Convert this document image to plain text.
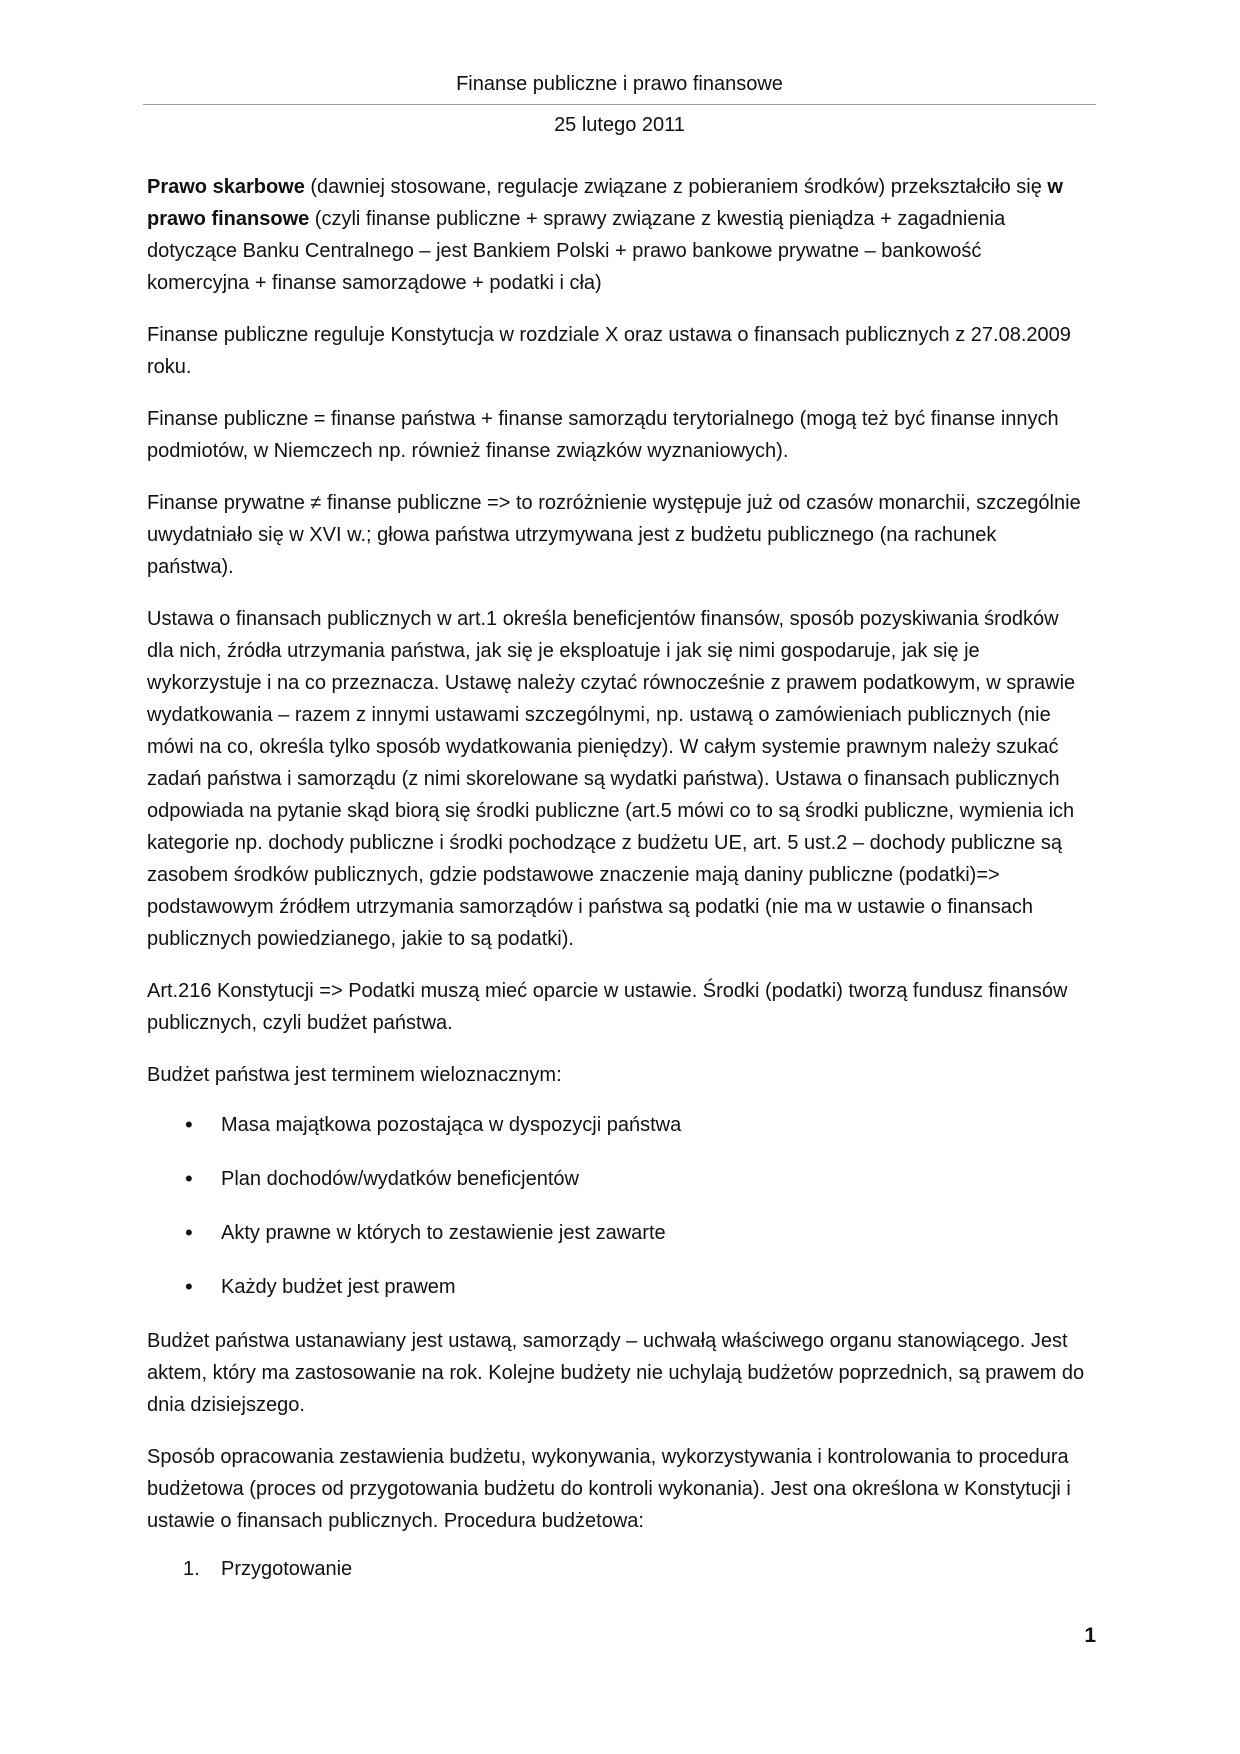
Finanse publiczne i prawo finansowe
25 lutego 2011

Prawo skarbowe (dawniej stosowane, regulacje związane z pobieraniem środków) przekształciło się w prawo finansowe (czyli finanse publiczne + sprawy związane z kwestią pieniądza + zagadnienia dotyczące Banku Centralnego – jest Bankiem Polski + prawo bankowe prywatne – bankowość komercyjna + finanse samorządowe + podatki i cła)

Finanse publiczne reguluje Konstytucja w rozdziale X oraz ustawa o finansach publicznych z 27.08.2009 roku.

Finanse publiczne = finanse państwa + finanse samorządu terytorialnego (mogą też być finanse innych podmiotów, w Niemczech np. również finanse związków wyznaniowych).

Finanse prywatne ≠ finanse publiczne => to rozróżnienie występuje już od czasów monarchii, szczególnie uwydatniało się w XVI w.; głowa państwa utrzymywana jest z budżetu publicznego (na rachunek państwa).

Ustawa o finansach publicznych w art.1 określa beneficjentów finansów, sposób pozyskiwania środków dla nich, źródła utrzymania państwa, jak się je eksploatuje i jak się nimi gospodaruje, jak się je wykorzystuje i na co przeznacza. Ustawę należy czytać równocześnie z prawem podatkowym, w sprawie wydatkowania – razem z innymi ustawami szczególnymi, np. ustawą o zamówieniach publicznych (nie mówi na co, określa tylko sposób wydatkowania pieniędzy). W całym systemie prawnym należy szukać zadań państwa i samorządu (z nimi skorelowane są wydatki państwa). Ustawa o finansach publicznych odpowiada na pytanie skąd biorą się środki publiczne (art.5 mówi co to są środki publiczne, wymienia ich kategorie np. dochody publiczne i środki pochodzące z budżetu UE, art. 5 ust.2 – dochody publiczne są zasobem środków publicznych, gdzie podstawowe znaczenie mają daniny publiczne (podatki)=> podstawowym źródłem utrzymania samorządów i państwa są podatki (nie ma w ustawie o finansach publicznych powiedzianego, jakie to są podatki).

Art.216 Konstytucji => Podatki muszą mieć oparcie w ustawie. Środki (podatki) tworzą fundusz finansów publicznych, czyli budżet państwa.

Budżet państwa jest terminem wieloznacznym:

• Masa majątkowa pozostająca w dyspozycji państwa
• Plan dochodów/wydatków beneficjentów
• Akty prawne w których to zestawienie jest zawarte
• Każdy budżet jest prawem

Budżet państwa ustanawiany jest ustawą, samorządy – uchwałą właściwego organu stanowiącego. Jest aktem, który ma zastosowanie na rok. Kolejne budżety nie uchylają budżetów poprzednich, są prawem do dnia dzisiejszego.

Sposób opracowania zestawienia budżetu, wykonywania, wykorzystywania i kontrolowania to procedura budżetowa (proces od przygotowania budżetu do kontroli wykonania). Jest ona określona w Konstytucji i ustawie o finansach publicznych. Procedura budżetowa:

1. Przygotowanie
1
